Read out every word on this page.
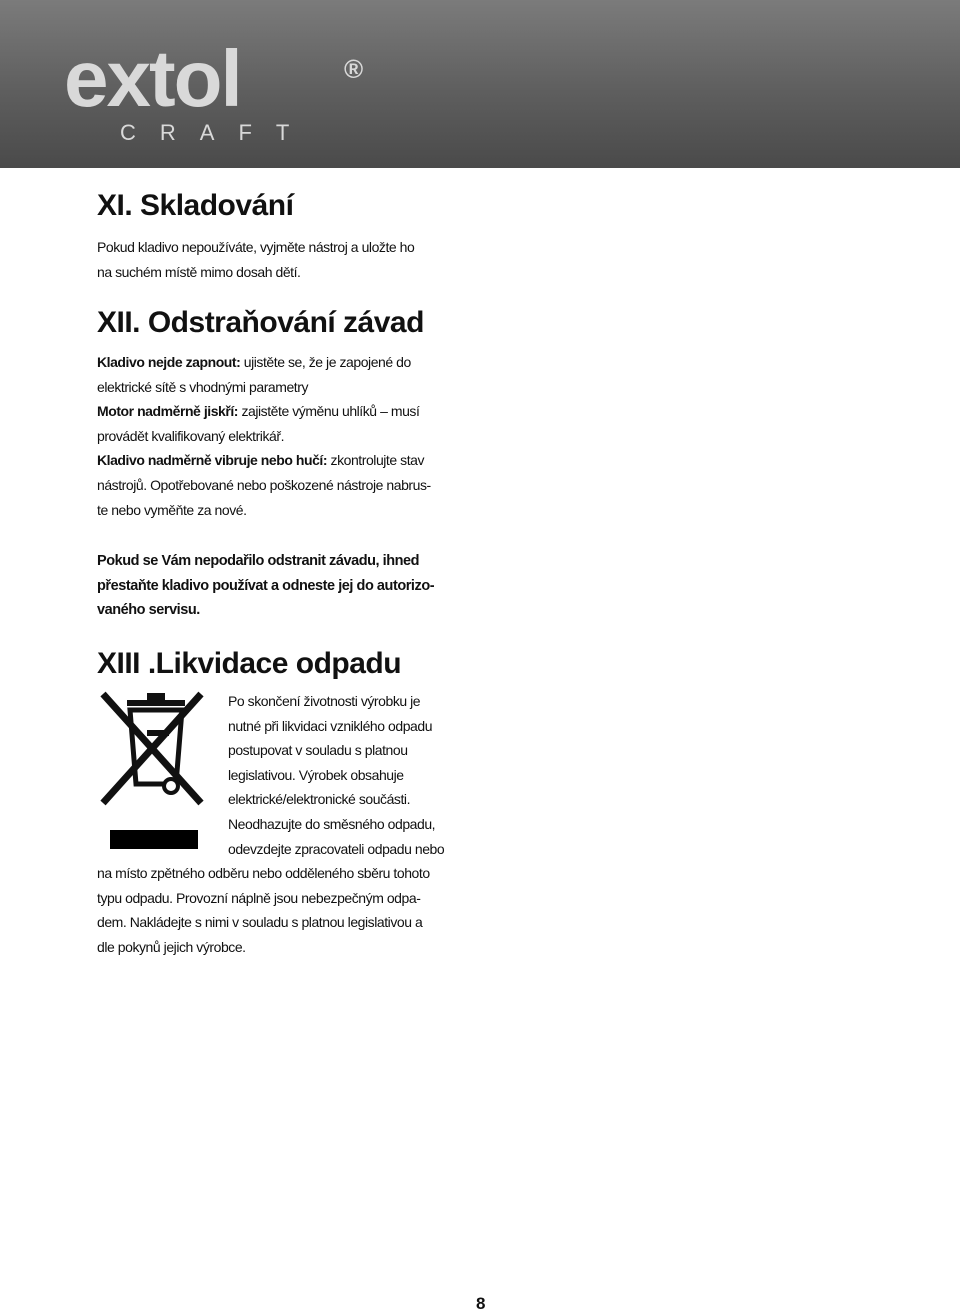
extol	®
CRAFT
XI. Skladování
Pokud kladivo nepoužíváte, vyjměte nástroj a uložte ho
na suchém místě mimo dosah dětí.
XII. Odstraňování závad
Kladivo nejde zapnout: ujistěte se, že je zapojené do
elektrické sítě s vhodnými parametry
Motor nadměrně jiskří: zajistěte výměnu uhlíků – musí
provádět kvalifikovaný elektrikář.
Kladivo nadměrně vibruje nebo hučí: zkontrolujte stav
nástrojů. Opotřebované nebo poškozené nástroje nabrus-
te nebo vyměňte za nové.
Pokud se Vám nepodařilo odstranit závadu, ihned
přestaňte kladivo používat a odneste jej do autorizo-
vaného servisu.
XIII .Likvidace odpadu
Po skončení životnosti výrobku je
nutné při likvidaci vzniklého odpadu
postupovat v souladu s platnou
legislativou. Výrobek obsahuje
elektrické/elektronické součásti.
Neodhazujte do směsného odpadu,
odevzdejte zpracovateli odpadu nebo
na místo zpětného odběru nebo odděleného sběru tohoto
typu odpadu. Provozní náplně jsou nebezpečným odpa-
dem. Nakládejte s nimi v souladu s platnou legislativou a
dle pokynů jejich výrobce.
8
